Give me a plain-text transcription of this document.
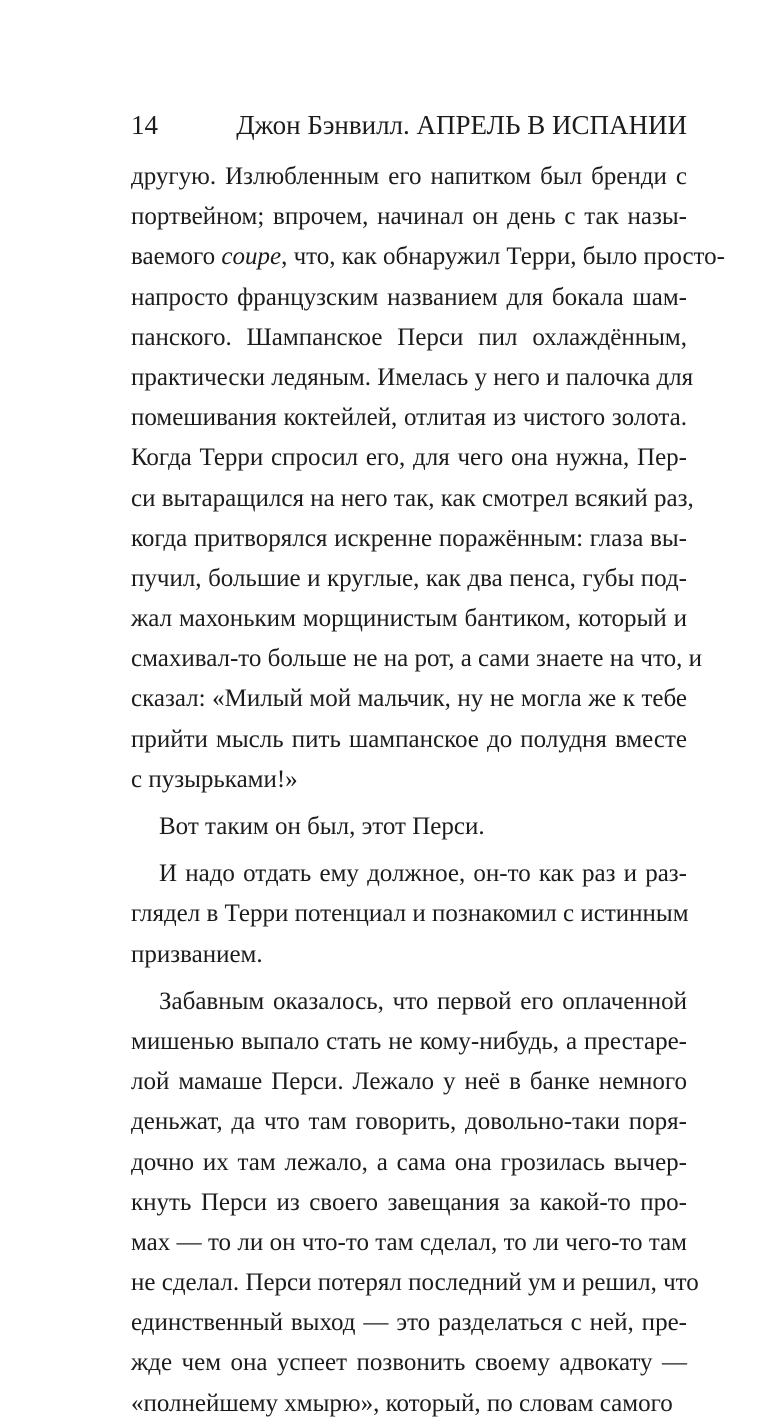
14	Джон Бэнвилл. АПРЕЛЬ В ИСПАНИИ
другую. Излюбленным его напитком был бренди с
портвейном; впрочем, начинал он день с так назы-
ваемого coupe, что, как обнаружил Терри, было просто-
напросто французским названием для бокала шам-
панского. Шампанское Перси пил охлаждённым,
практически ледяным. Имелась у него и палочка для
помешивания коктейлей, отлитая из чистого золота.
Когда Терри спросил его, для чего она нужна, Пер-
си вытаращился на него так, как смотрел всякий раз,
когда притворялся искренне поражённым: глаза вы-
пучил, большие и круглые, как два пенса, губы под-
жал махоньким морщинистым бантиком, который и
смахивал-то больше не на рот, а сами знаете на что, и
сказал: «Милый мой мальчик, ну не могла же к тебе
прийти мысль пить шампанское до полудня вместе
с пузырьками!»
Вот таким он был, этот Перси.
И надо отдать ему должное, он-то как раз и раз-
глядел в Терри потенциал и познакомил с истинным
призванием.
Забавным оказалось, что первой его оплаченной
мишенью выпало стать не кому-нибудь, а престаре-
лой мамаше Перси. Лежало у неё в банке немного
деньжат, да что там говорить, довольно-таки поря-
дочно их там лежало, а сама она грозилась вычер-
кнуть Перси из своего завещания за какой-то про-
мах — то ли он что-то там сделал, то ли чего-то там
не сделал. Перси потерял последний ум и решил, что
единственный выход — это разделаться с ней, пре-
жде чем она успеет позвонить своему адвокату —
«полнейшему хмырю», который, по словам самого
